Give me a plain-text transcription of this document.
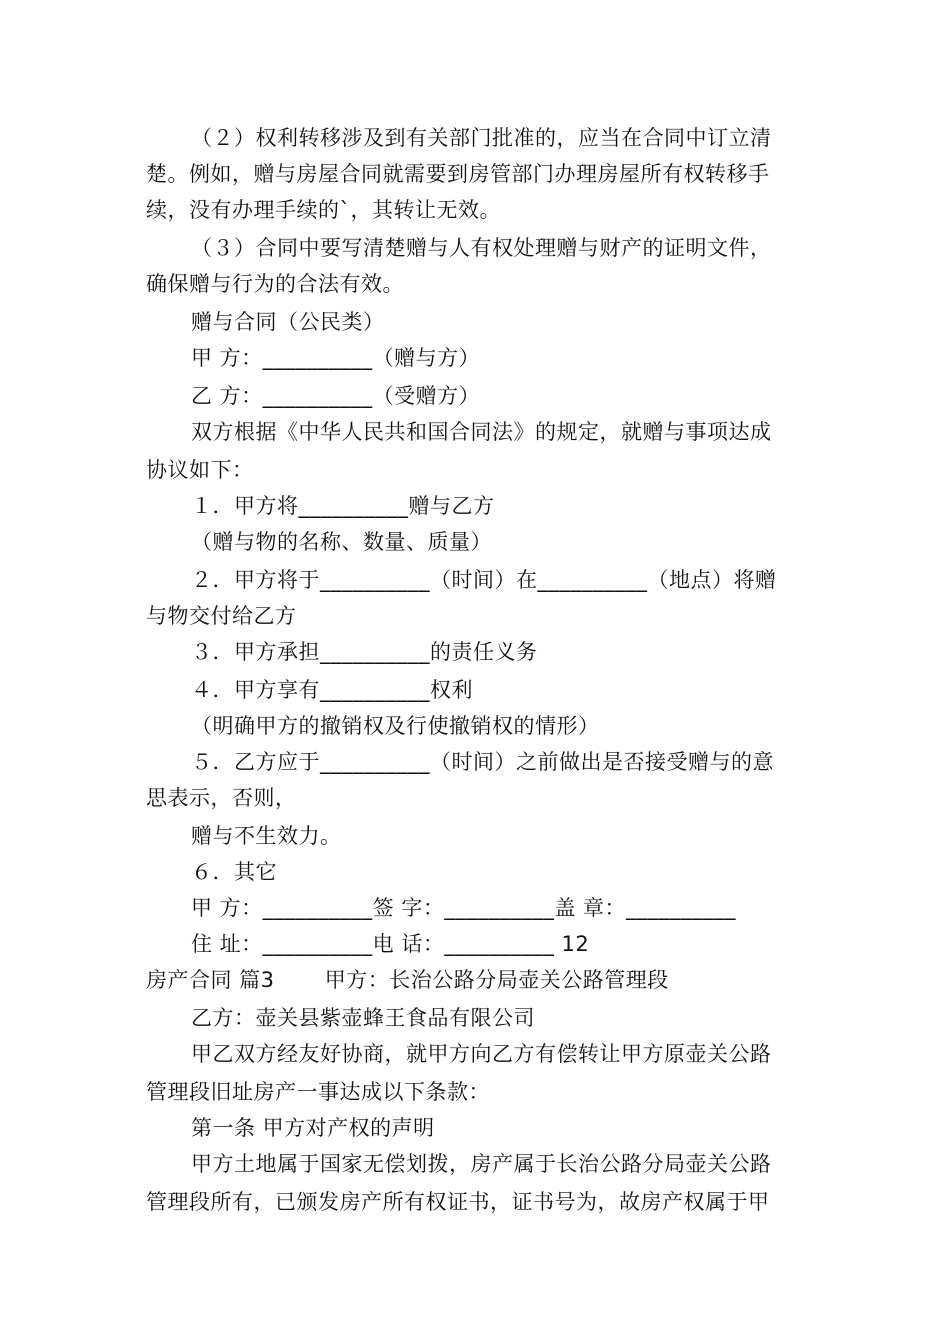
（２）权利转移涉及到有关部门批准的，应当在合同中订立清
楚。例如，赠与房屋合同就需要到房管部门办理房屋所有权转移手
续，没有办理手续的`，其转让无效。
（３）合同中要写清楚赠与人有权处理赠与财产的证明文件，
确保赠与行为的合法有效。
赠与合同（公民类）
甲 方：__________（赠与方）
乙 方：__________（受赠方）
双方根据《中华人民共和国合同法》的规定，就赠与事项达成
协议如下：
１．甲方将__________赠与乙方
（赠与物的名称、数量、质量）
２．甲方将于__________（时间）在__________（地点）将赠
与物交付给乙方
３．甲方承担__________的责任义务
４．甲方享有__________权利
（明确甲方的撤销权及行使撤销权的情形）
５．乙方应于__________（时间）之前做出是否接受赠与的意
思表示，否则，
赠与不生效力。
６．其它
甲 方：__________签 字：__________盖 章：__________
住 址：__________电 话：__________ 12
房产合同 篇3       甲方：长治公路分局壶关公路管理段
乙方：壶关县紫壶蜂王食品有限公司
甲乙双方经友好协商，就甲方向乙方有偿转让甲方原壶关公路
管理段旧址房产一事达成以下条款：
第一条 甲方对产权的声明
甲方土地属于国家无偿划拨，房产属于长治公路分局壶关公路
管理段所有，已颁发房产所有权证书，证书号为，故房产权属于甲
